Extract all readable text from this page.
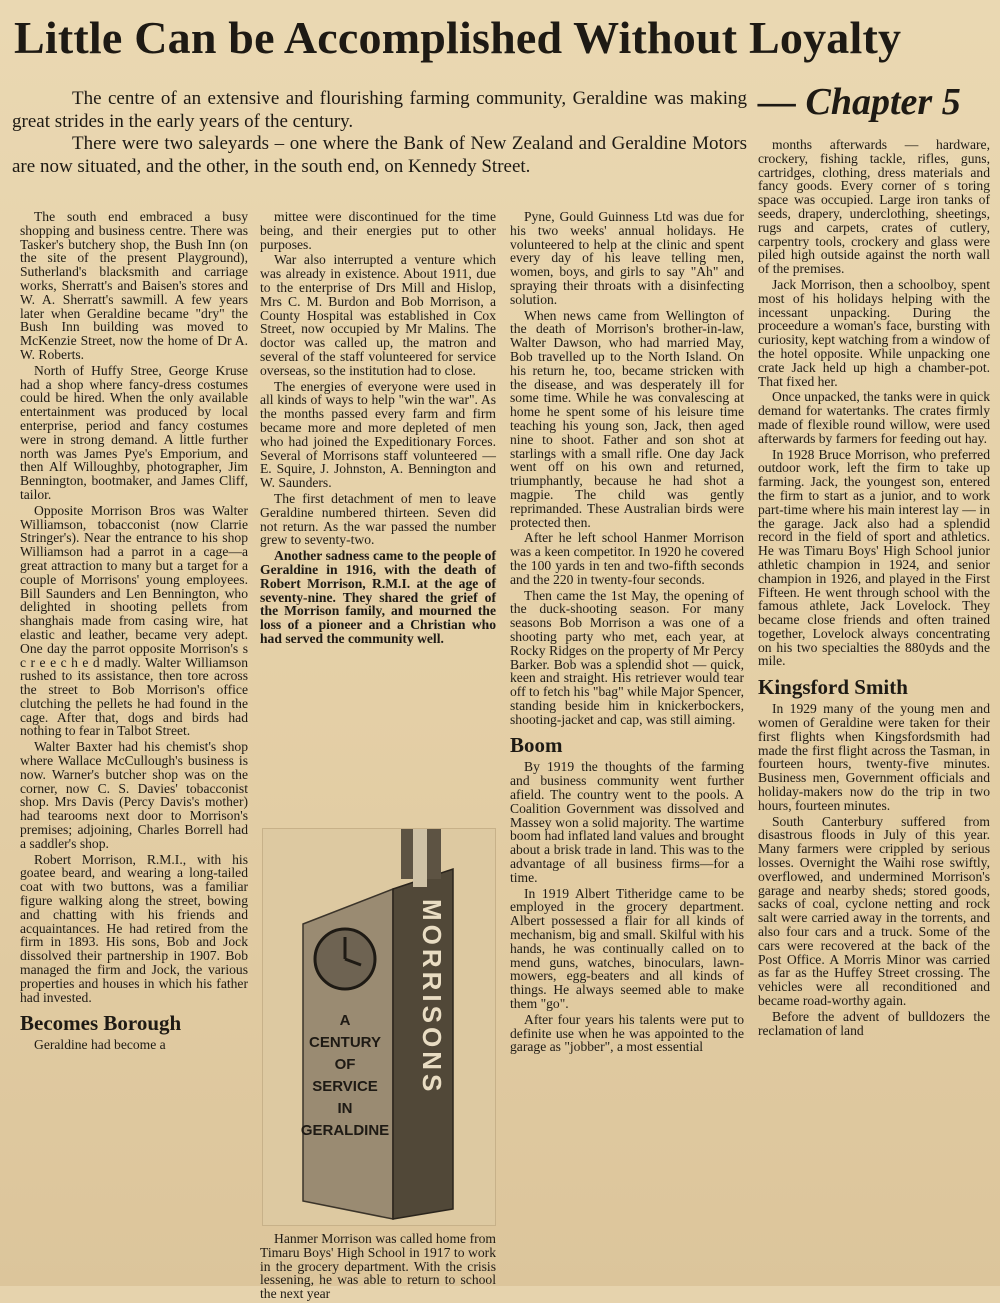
Little Can be Accomplished Without Loyalty

The centre of an extensive and flourishing farming community, Geraldine was making great strides in the early years of the century.

There were two saleyards – one where the Bank of New Zealand and Geraldine Motors are now situated, and the other, in the south end, on Kennedy Street.

— Chapter 5

The south end embraced a busy shopping and business centre. There was Tasker's butchery shop, the Bush Inn (on the site of the present Playground), Sutherland's blacksmith and carriage works, Sherratt's and Baisen's stores and W. A. Sherratt's sawmill. A few years later when Geraldine became "dry" the Bush Inn building was moved to McKenzie Street, now the home of Dr A. W. Roberts.

North of Huffy Stree, George Kruse had a shop where fancy-dress costumes could be hired. When the only available entertainment was produced by local enterprise, period and fancy costumes were in strong demand. A little further north was James Pye's Emporium, and then Alf Willoughby, photographer, Jim Bennington, bootmaker, and James Cliff, tailor.

Opposite Morrison Bros was Walter Williamson, tobacconist (now Clarrie Stringer's). Near the entrance to his shop Williamson had a parrot in a cage—a great attraction to many but a target for a couple of Morrisons' young employees. Bill Saunders and Len Bennington, who delighted in shooting pellets from shanghais made from casing wire, hat elastic and leather, became very adept. One day the parrot opposite Morrison's s c r e e c h e d madly. Walter Williamson rushed to its assistance, then tore across the street to Bob Morrison's office clutching the pellets he had found in the cage. After that, dogs and birds had nothing to fear in Talbot Street.

Walter Baxter had his chemist's shop where Wallace McCullough's business is now. Warner's butcher shop was on the corner, now C. S. Davies' tobacconist shop. Mrs Davis (Percy Davis's mother) had tearooms next door to Morrison's premises; adjoining, Charles Borrell had a saddler's shop.

Robert Morrison, R.M.I., with his goatee beard, and wearing a long-tailed coat with two buttons, was a familiar figure walking along the street, bowing and chatting with his friends and acquaintances. He had retired from the firm in 1893. His sons, Bob and Jock dissolved their partnership in 1907. Bob managed the firm and Jock, the various properties and houses in which his father had invested.

Becomes Borough

Geraldine had become a

mittee were discontinued for the time being, and their energies put to other purposes.

War also interrupted a venture which was already in existence. About 1911, due to the enterprise of Drs Mill and Hislop, Mrs C. M. Burdon and Bob Morrison, a County Hospital was established in Cox Street, now occupied by Mr Malins. The doctor was called up, the matron and several of the staff volunteered for service overseas, so the institution had to close.

The energies of everyone were used in all kinds of ways to help "win the war". As the months passed every farm and firm became more and more depleted of men who had joined the Expeditionary Forces. Several of Morrisons staff volunteered — E. Squire, J. Johnston, A. Bennington and W. Saunders.

The first detachment of men to leave Geraldine numbered thirteen. Seven did not return. As the war passed the number grew to seventy-two.

Another sadness came to the people of Geraldine in 1916, with the death of Robert Morrison, R.M.I. at the age of seventy-nine. They shared the grief of the Morrison family, and mourned the loss of a pioneer and a Christian who had served the community well.

MORRISONS
A
CENTURY
OF
SERVICE
IN
GERALDINE

Hanmer Morrison was called home from Timaru Boys' High School in 1917 to work in the grocery department. With the crisis lessening, he was able to return to school the next year

Pyne, Gould Guinness Ltd was due for his two weeks' annual holidays. He volunteered to help at the clinic and spent every day of his leave telling men, women, boys, and girls to say "Ah" and spraying their throats with a disinfecting solution.

When news came from Wellington of the death of Morrison's brother-in-law, Walter Dawson, who had married May, Bob travelled up to the North Island. On his return he, too, became stricken with the disease, and was desperately ill for some time. While he was convalescing at home he spent some of his leisure time teaching his young son, Jack, then aged nine to shoot. Father and son shot at starlings with a small rifle. One day Jack went off on his own and returned, triumphantly, because he had shot a magpie. The child was gently reprimanded. These Australian birds were protected then.

After he left school Hanmer Morrison was a keen competitor. In 1920 he covered the 100 yards in ten and two-fifth seconds and the 220 in twenty-four seconds.

Then came the 1st May, the opening of the duck-shooting season. For many seasons Bob Morrison a was one of a shooting party who met, each year, at Rocky Ridges on the property of Mr Percy Barker. Bob was a splendid shot — quick, keen and straight. His retriever would tear off to fetch his "bag" while Major Spencer, standing beside him in knickerbockers, shooting-jacket and cap, was still aiming.

Boom

By 1919 the thoughts of the farming and business community went further afield. The country went to the pools. A Coalition Government was dissolved and Massey won a solid majority. The wartime boom had inflated land values and brought about a brisk trade in land. This was to the advantage of all business firms—for a time.

In 1919 Albert Titheridge came to be employed in the grocery department. Albert possessed a flair for all kinds of mechanism, big and small. Skilful with his hands, he was continually called on to mend guns, watches, binoculars, lawn-mowers, egg-beaters and all kinds of things. He always seemed able to make them "go".

After four years his talents were put to definite use when he was appointed to the garage as "jobber", a most essential

months afterwards — hardware, crockery, fishing tackle, rifles, guns, cartridges, clothing, dress materials and fancy goods. Every corner of s toring space was occupied. Large iron tanks of seeds, drapery, underclothing, sheetings, rugs and carpets, crates of cutlery, carpentry tools, crockery and glass were piled high outside against the north wall of the premises.

Jack Morrison, then a schoolboy, spent most of his holidays helping with the incessant unpacking. During the proceedure a woman's face, bursting with curiosity, kept watching from a window of the hotel opposite. While unpacking one crate Jack held up high a chamber-pot. That fixed her.

Once unpacked, the tanks were in quick demand for watertanks. The crates firmly made of flexible round willow, were used afterwards by farmers for feeding out hay.

In 1928 Bruce Morrison, who preferred outdoor work, left the firm to take up farming. Jack, the youngest son, entered the firm to start as a junior, and to work part-time where his main interest lay — in the garage. Jack also had a splendid record in the field of sport and athletics. He was Timaru Boys' High School junior athletic champion in 1924, and senior champion in 1926, and played in the First Fifteen. He went through school with the famous athlete, Jack Lovelock. They became close friends and often trained together, Lovelock always concentrating on his two specialties the 880yds and the mile.

Kingsford Smith

In 1929 many of the young men and women of Geraldine were taken for their first flights when Kingsfordsmith had made the first flight across the Tasman, in fourteen hours, twenty-five minutes. Business men, Government officials and holiday-makers now do the trip in two hours, fourteen minutes.

South Canterbury suffered from disastrous floods in July of this year. Many farmers were crippled by serious losses. Overnight the Waihi rose swiftly, overflowed, and undermined Morrison's garage and nearby sheds; stored goods, sacks of coal, cyclone netting and rock salt were carried away in the torrents, and also four cars and a truck. Some of the cars were recovered at the back of the Post Office. A Morris Minor was carried as far as the Huffey Street crossing. The vehicles were all reconditioned and became road-worthy again.

Before the advent of bulldozers the reclamation of land
